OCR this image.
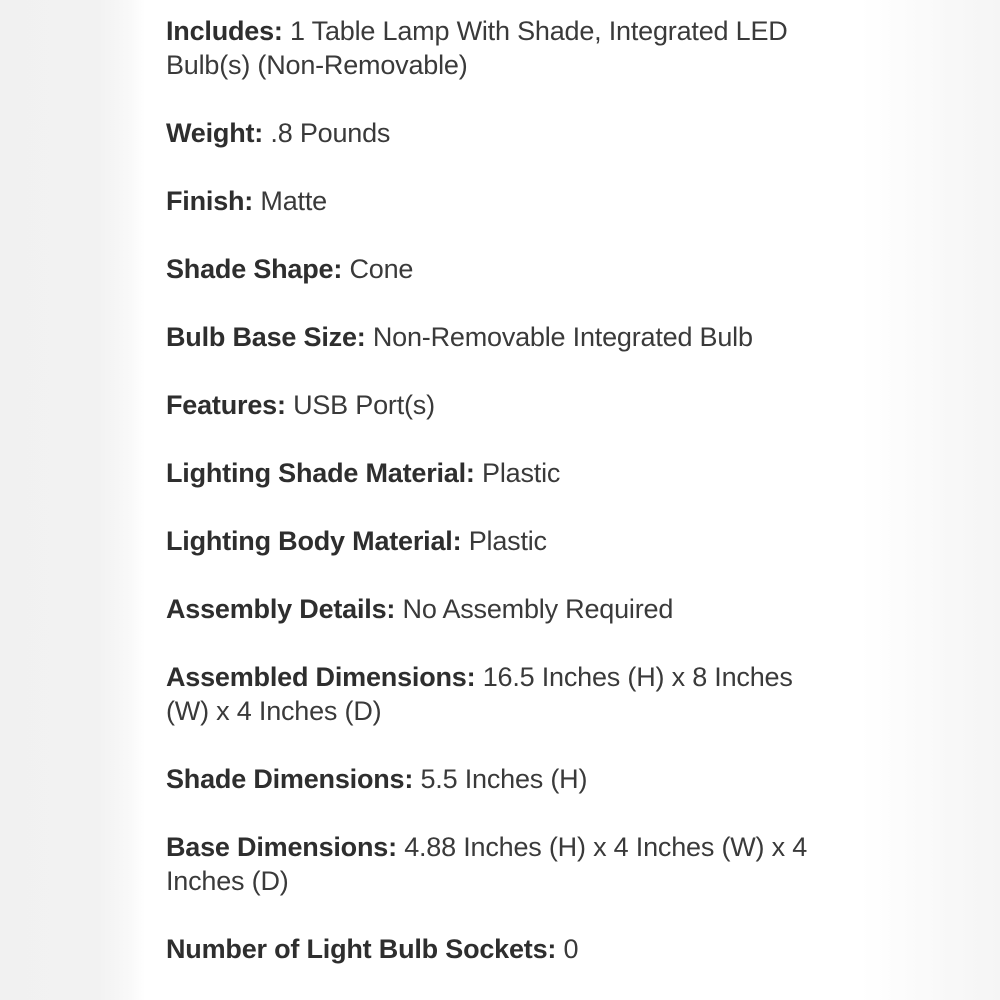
Includes: 1 Table Lamp With Shade, Integrated LED Bulb(s) (Non-Removable)

Weight: .8 Pounds

Finish: Matte

Shade Shape: Cone

Bulb Base Size: Non-Removable Integrated Bulb

Features: USB Port(s)

Lighting Shade Material: Plastic

Lighting Body Material: Plastic

Assembly Details: No Assembly Required

Assembled Dimensions: 16.5 Inches (H) x 8 Inches (W) x 4 Inches (D)

Shade Dimensions: 5.5 Inches (H)

Base Dimensions: 4.88 Inches (H) x 4 Inches (W) x 4 Inches (D)

Number of Light Bulb Sockets: 0
